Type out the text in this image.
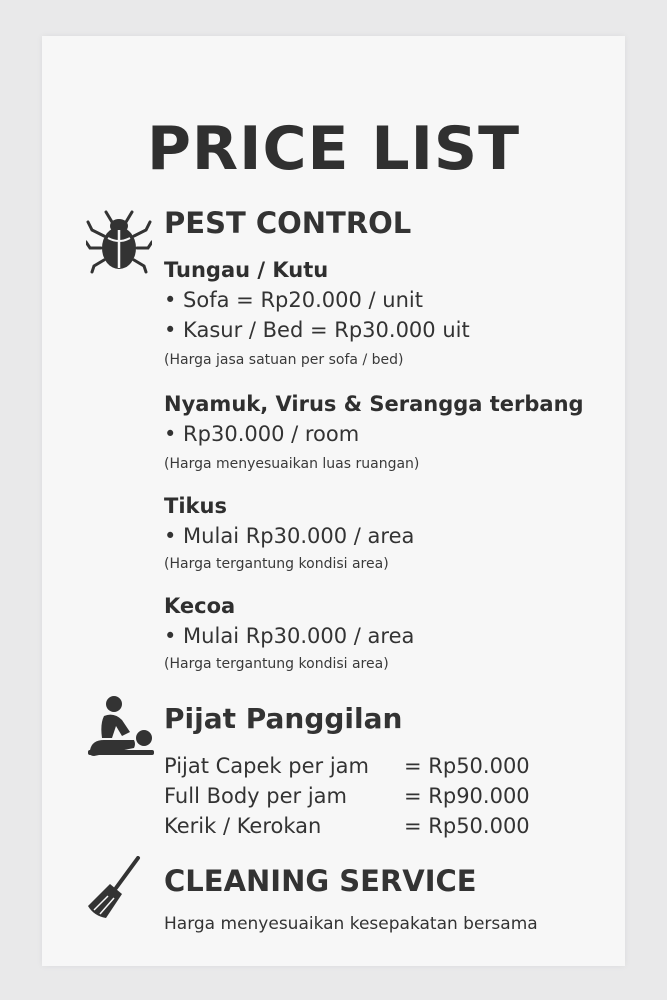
PRICE LIST
PEST CONTROL
Tungau / Kutu
• Sofa = Rp20.000 / unit
• Kasur / Bed = Rp30.000 uit
(Harga jasa satuan per sofa / bed)
Nyamuk, Virus & Serangga terbang
• Rp30.000 / room
(Harga menyesuaikan luas ruangan)
Tikus
• Mulai Rp30.000 / area
(Harga tergantung kondisi area)
Kecoa
• Mulai Rp30.000 / area
(Harga tergantung kondisi area)
Pijat Panggilan
Pijat Capek per jam = Rp50.000
Full Body per jam	= Rp90.000
Kerik / Kerokan	= Rp50.000
CLEANING SERVICE
Harga menyesuaikan kesepakatan bersama
